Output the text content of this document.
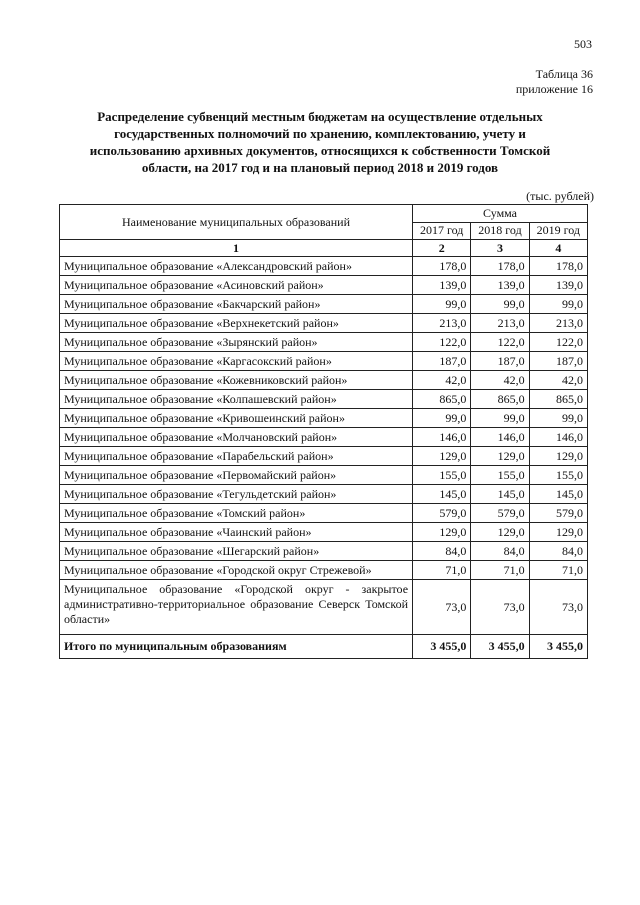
503
Таблица 36
приложение 16
Распределение субвенций местным бюджетам на осуществление отдельных государственных полномочий по хранению, комплектованию, учету и использованию архивных документов, относящихся к собственности Томской области, на 2017 год и на плановый период 2018 и 2019 годов
(тыс. рублей)
Наименование муниципальных образований	Сумма		
	2017 год	2018 год	2019 год
1	2	3	4
Муниципальное образование «Александровский район»	178,0	178,0	178,0
Муниципальное образование «Асиновский район»	139,0	139,0	139,0
Муниципальное образование «Бакчарский район»	99,0	99,0	99,0
Муниципальное образование «Верхнекетский район»	213,0	213,0	213,0
Муниципальное образование «Зырянский район»	122,0	122,0	122,0
Муниципальное образование «Каргасокский район»	187,0	187,0	187,0
Муниципальное образование «Кожевниковский район»	42,0	42,0	42,0
Муниципальное образование «Колпашевский район»	865,0	865,0	865,0
Муниципальное образование «Кривошеинский район»	99,0	99,0	99,0
Муниципальное образование «Молчановский район»	146,0	146,0	146,0
Муниципальное образование «Парабельский район»	129,0	129,0	129,0
Муниципальное образование «Первомайский район»	155,0	155,0	155,0
Муниципальное образование «Тегульдетский район»	145,0	145,0	145,0
Муниципальное образование «Томский район»	579,0	579,0	579,0
Муниципальное образование «Чаинский район»	129,0	129,0	129,0
Муниципальное образование «Шегарский район»	84,0	84,0	84,0
Муниципальное образование «Городской округ Стрежевой»	71,0	71,0	71,0
Муниципальное образование «Городской округ - закрытое административно-территориальное образование Северск Томской области»	73,0	73,0	73,0
Итого по муниципальным образованиям	3 455,0	3 455,0	3 455,0
